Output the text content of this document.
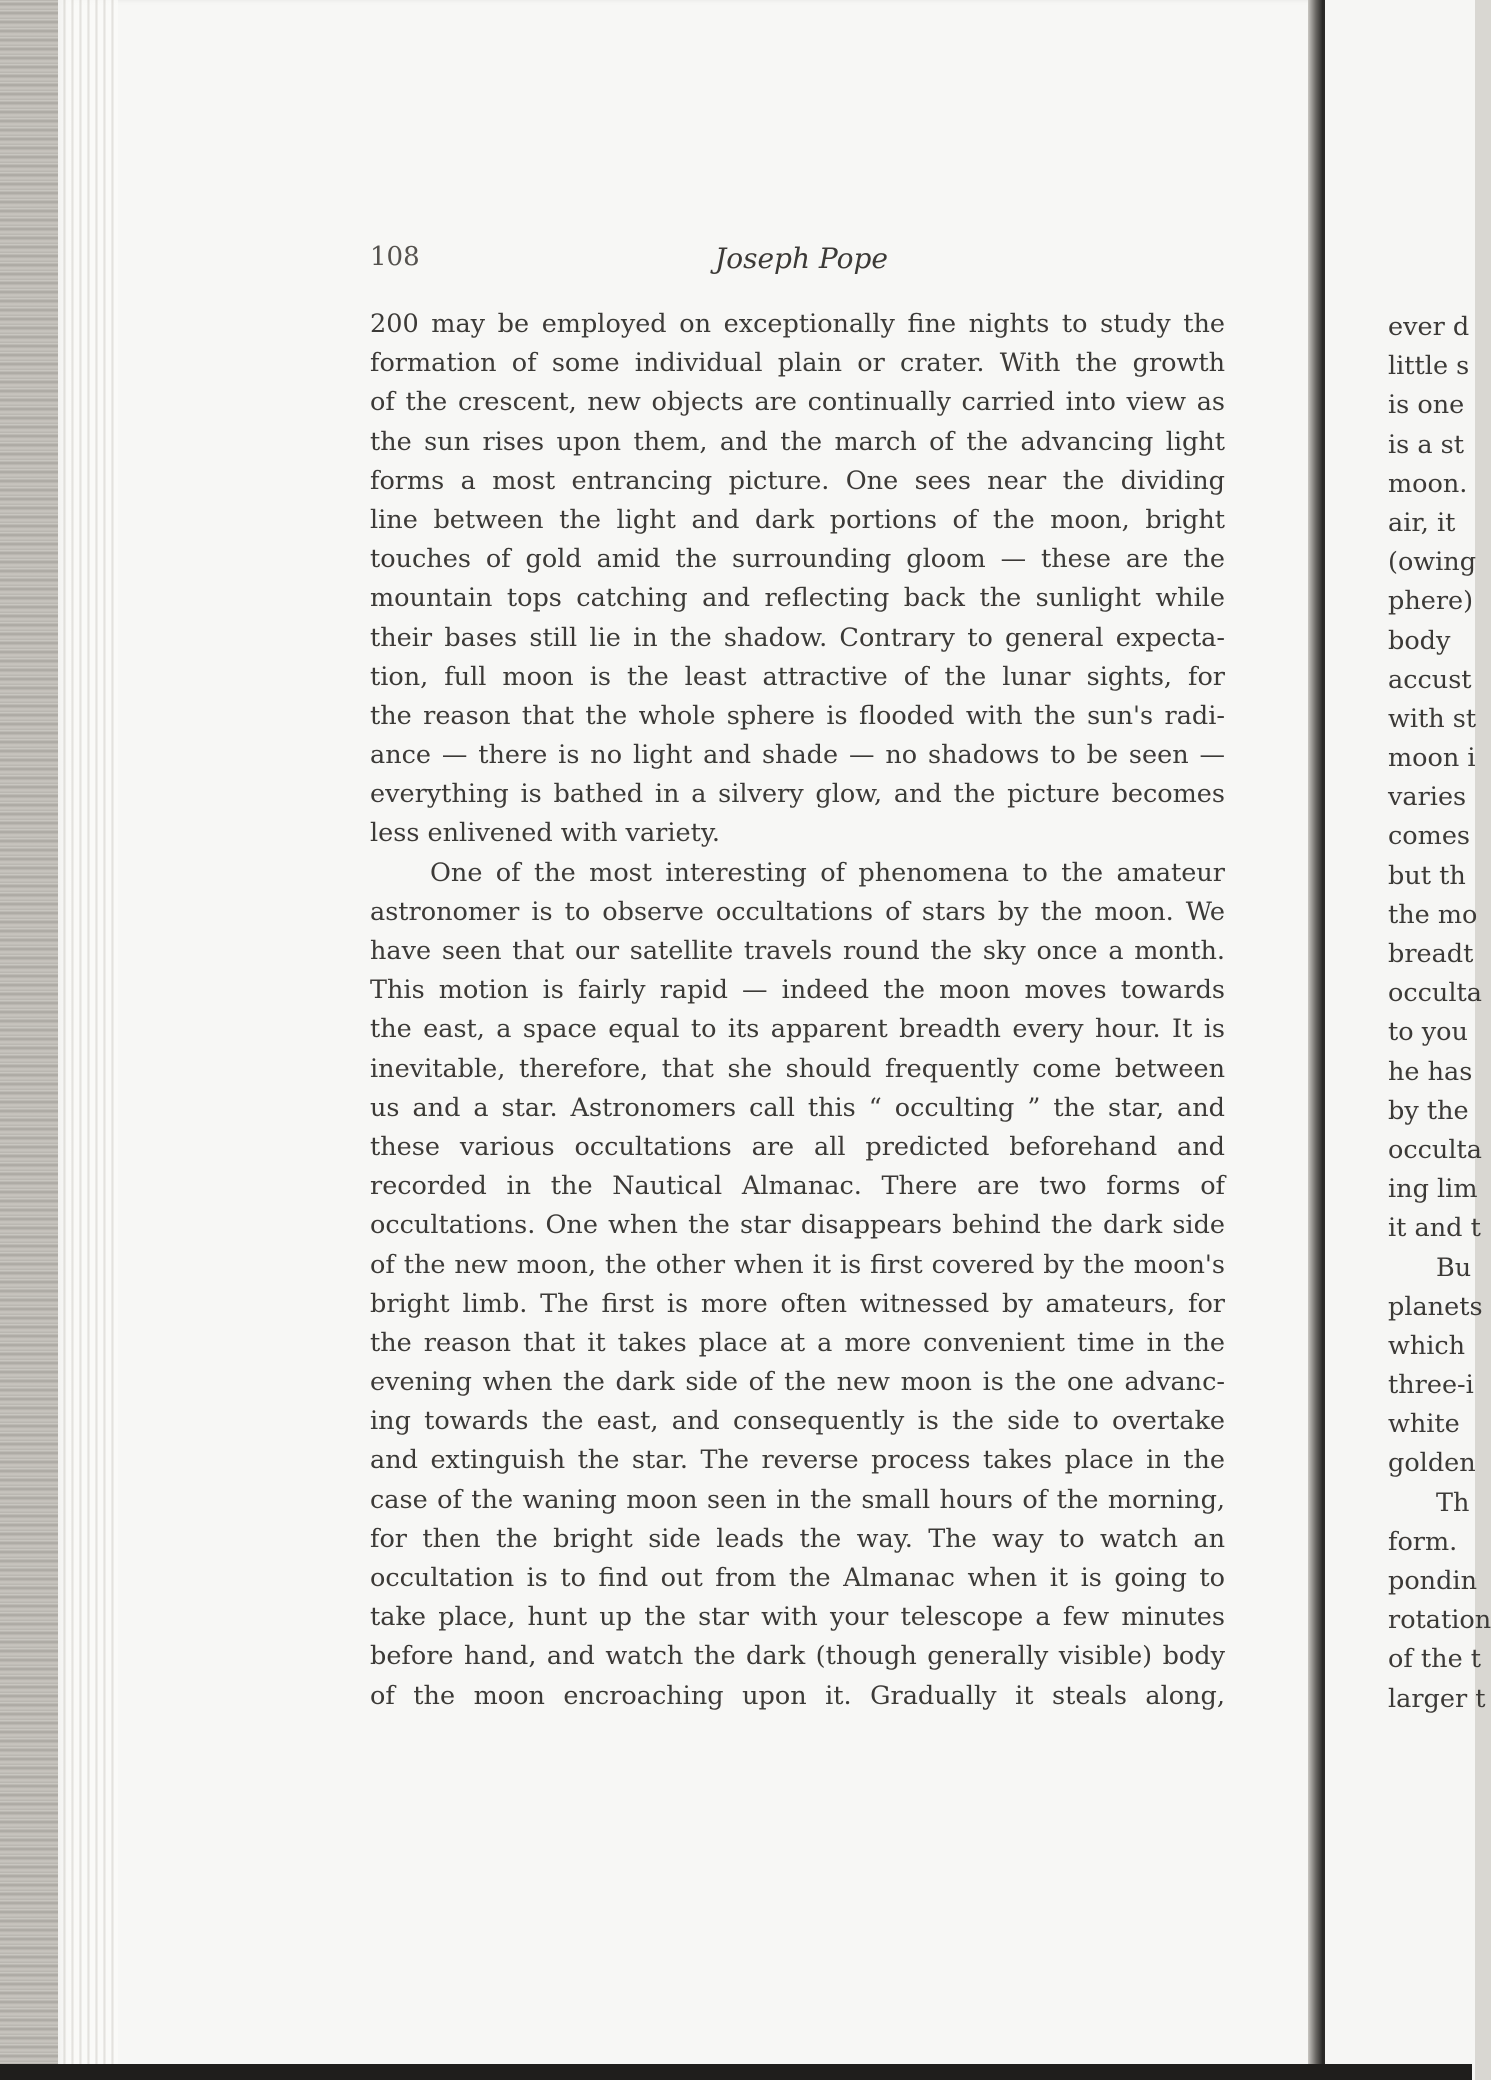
108	Joseph Pope
200 may be employed on exceptionally fine nights to study the
formation of some individual plain or crater. With the growth
of the crescent, new objects are continually carried into view as
the sun rises upon them, and the march of the advancing light
forms a most entrancing picture. One sees near the dividing
line between the light and dark portions of the moon, bright
touches of gold amid the surrounding gloom — these are the
mountain tops catching and reflecting back the sunlight while
their bases still lie in the shadow. Contrary to general expecta-
tion, full moon is the least attractive of the lunar sights, for
the reason that the whole sphere is flooded with the sun's radi-
ance — there is no light and shade — no shadows to be seen —
everything is bathed in a silvery glow, and the picture becomes
less enlivened with variety.
One of the most interesting of phenomena to the amateur
astronomer is to observe occultations of stars by the moon. We
have seen that our satellite travels round the sky once a month.
This motion is fairly rapid — indeed the moon moves towards
the east, a space equal to its apparent breadth every hour. It is
inevitable, therefore, that she should frequently come between
us and a star. Astronomers call this “ occulting ” the star, and
these various occultations are all predicted beforehand and
recorded in the Nautical Almanac. There are two forms of
occultations. One when the star disappears behind the dark side
of the new moon, the other when it is first covered by the moon's
bright limb. The first is more often witnessed by amateurs, for
the reason that it takes place at a more convenient time in the
evening when the dark side of the new moon is the one advanc-
ing towards the east, and consequently is the side to overtake
and extinguish the star. The reverse process takes place in the
case of the waning moon seen in the small hours of the morning,
for then the bright side leads the way. The way to watch an
occultation is to find out from the Almanac when it is going to
take place, hunt up the star with your telescope a few minutes
before hand, and watch the dark (though generally visible) body
of the moon encroaching upon it. Gradually it steals along,
ever d
little s
is one
is a st
moon.
air, it
(owing
phere)
body
accust
with st
moon i
varies
comes
but th
the mo
breadt
occulta
to you
he has
by the
occulta
ing lim
it and t
Bu
planets
which
three-i
white
golden
Th
form.
pondin
rotation
of the t
larger t
